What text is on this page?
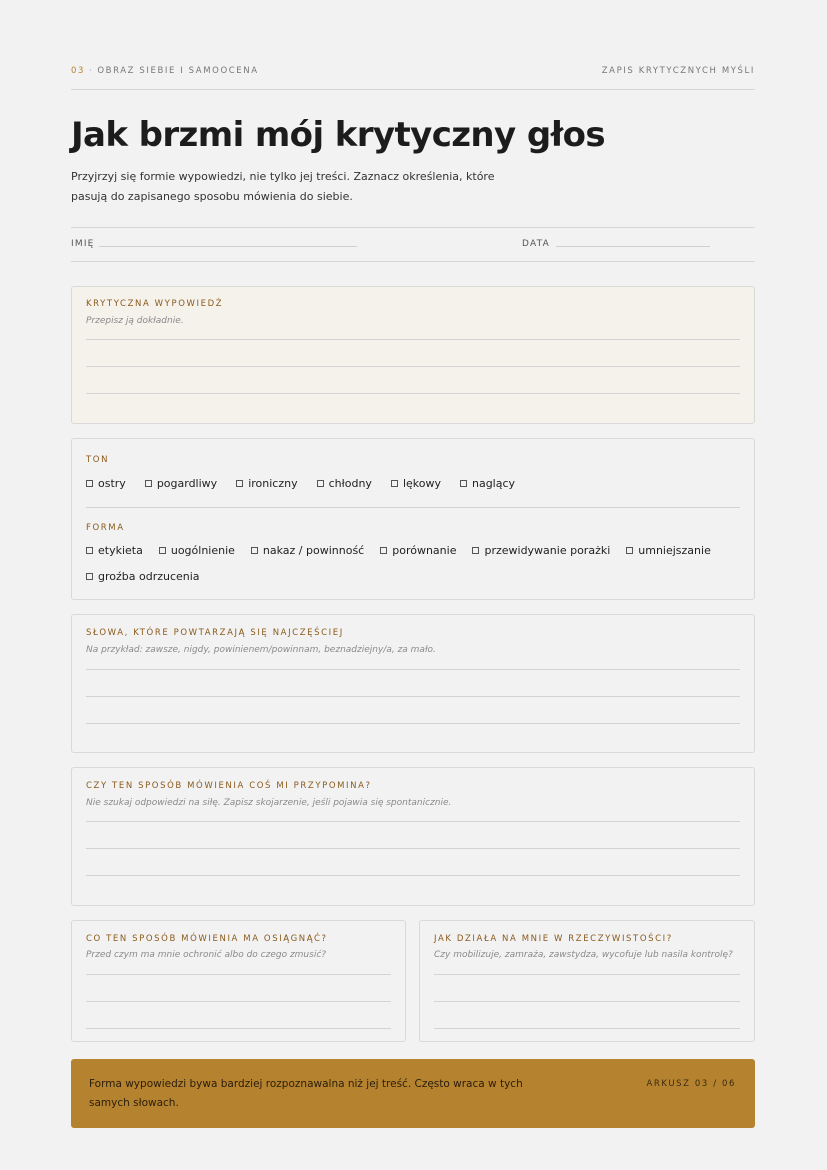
03 · OBRAZ SIEBIE I SAMOOCENA	ZAPIS KRYTYCZNYCH MYŚLI
Jak brzmi mój krytyczny głos

Przyjrzyj się formie wypowiedzi, nie tylko jej treści. Zaznacz określenia, które pasują do zapisanego sposobu mówienia do siebie.

IMIĘ	DATA
KRYTYCZNA WYPOWIEDŹ
Przepisz ją dokładnie.
TON
ostry	pogardliwy	ironiczny	chłodny	lękowy	naglący
FORMA
etykieta	uogólnienie	nakaz / powinność	porównanie	przewidywanie porażki	umniejszanie
groźba odrzucenia
SŁOWA, KTÓRE POWTARZAJĄ SIĘ NAJCZĘŚCIEJ
Na przykład: zawsze, nigdy, powinienem/powinnam, beznadziejny/a, za mało.
CZY TEN SPOSÓB MÓWIENIA COŚ MI PRZYPOMINA?
Nie szukaj odpowiedzi na siłę. Zapisz skojarzenie, jeśli pojawia się spontanicznie.
CO TEN SPOSÓB MÓWIENIA MA OSIĄGNĄĆ?
Przed czym ma mnie ochronić albo do czego zmusić?
JAK DZIAŁA NA MNIE W RZECZYWISTOŚCI?
Czy mobilizuje, zamraża, zawstydza, wycofuje lub nasila kontrolę?

Forma wypowiedzi bywa bardziej rozpoznawalna niż jej treść. Często wraca w tych samych słowach.

ARKUSZ 03 / 06
